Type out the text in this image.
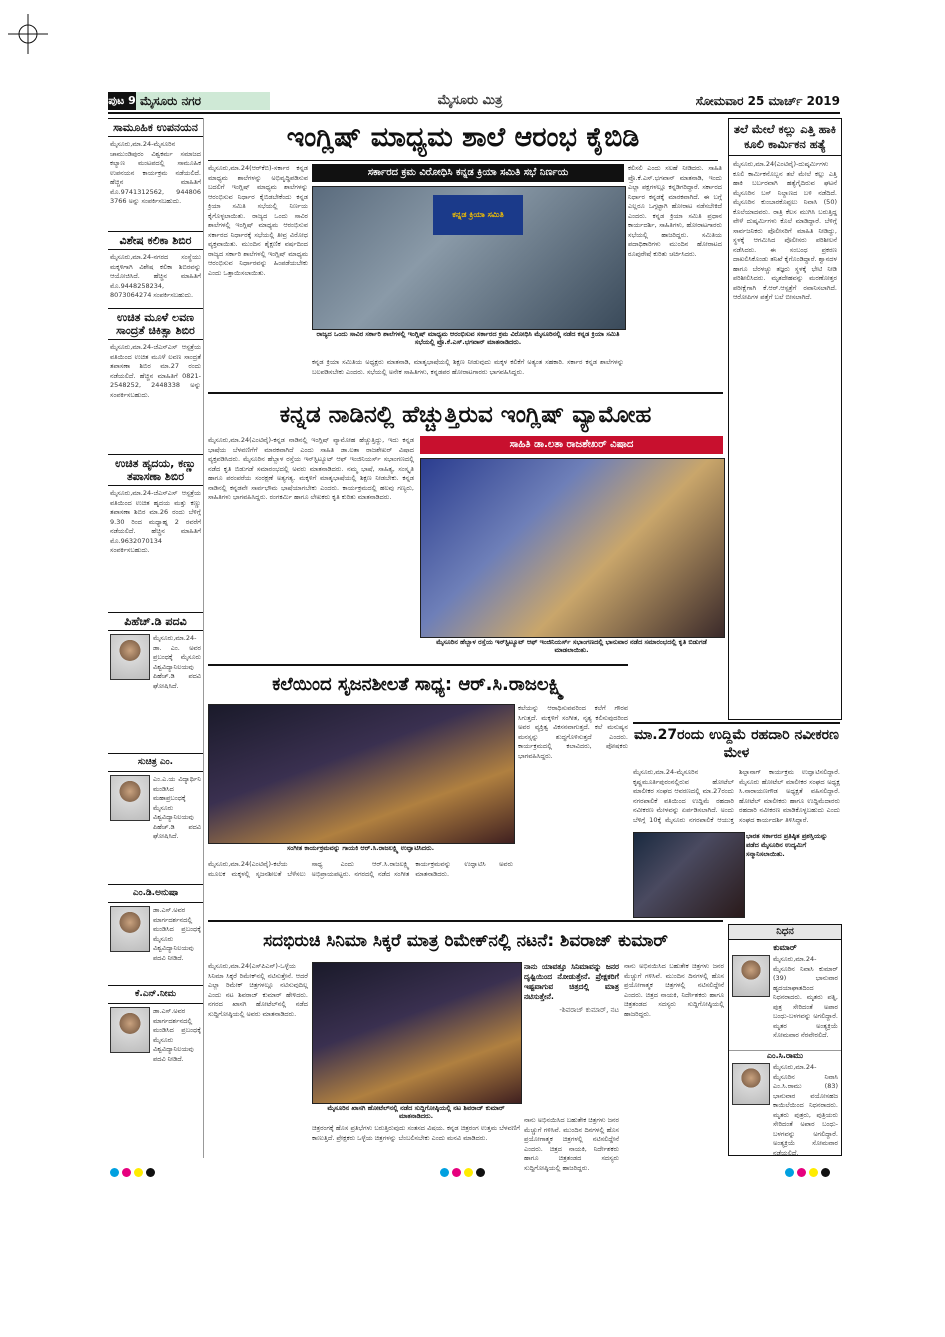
ಪುಟ 9 ಮೈಸೂರು ನಗರ	ಮೈಸೂರು ಮಿತ್ರ	ಸೋಮವಾರ 25 ಮಾರ್ಚ್ 2019
ಸಾಮೂಹಿಕ ಉಪನಯನ
ಮೈಸೂರು,ಮಾ.24-ಮೈಸೂರಿನ ಚಾಮುಂಡಿಪುರಂ ವಿಶ್ವಕರ್ಮ ಸಮಾಜದ ಕಲ್ಯಾಣ ಮಂಟಪದಲ್ಲಿ ಸಾಮೂಹಿಕ ಉಪನಯನ ಕಾರ್ಯಕ್ರಮ ನಡೆಯಲಿದೆ. ಹೆಚ್ಚಿನ ಮಾಹಿತಿಗೆ ಮೊ.9741312562, 944806 3766 ಅನ್ನು ಸಂಪರ್ಕಿಸಬಹುದು.
ವಿಶೇಷ ಕಲಿಕಾ ಶಿಬಿರ
ಮೈಸೂರು,ಮಾ.24-ನಗರದ ಸಂಸ್ಥೆಯು ಮಕ್ಕಳಿಗಾಗಿ ವಿಶೇಷ ಕಲಿಕಾ ಶಿಬಿರವನ್ನು ಆಯೋಜಿಸಿದೆ. ಹೆಚ್ಚಿನ ಮಾಹಿತಿಗೆ ಮೊ.9448258234, 8073064274 ಸಂಪರ್ಕಿಸಬಹುದು.
ಉಚಿತ ಮೂಳೆ ಲವಣ ಸಾಂದ್ರತೆ ಚಿಕಿತ್ಸಾ ಶಿಬಿರ
ಮೈಸೂರು,ಮಾ.24-ಜೆಎಸ್‌ಎಸ್ ಆಸ್ಪತ್ರೆಯ ವತಿಯಿಂದ ಉಚಿತ ಮೂಳೆ ಲವಣ ಸಾಂದ್ರತೆ ತಪಾಸಣಾ ಶಿಬಿರ ಮಾ.27 ರಂದು ನಡೆಯಲಿದೆ. ಹೆಚ್ಚಿನ ಮಾಹಿತಿಗೆ 0821-2548252, 2448338 ಅನ್ನು ಸಂಪರ್ಕಿಸಬಹುದು.
ಉಚಿತ ಹೃದಯ, ಕಣ್ಣು ತಪಾಸಣಾ ಶಿಬಿರ
ಮೈಸೂರು,ಮಾ.24-ಜೆಎಸ್‌ಎಸ್ ಆಸ್ಪತ್ರೆಯ ವತಿಯಿಂದ ಉಚಿತ ಹೃದಯ ಮತ್ತು ಕಣ್ಣು ತಪಾಸಣಾ ಶಿಬಿರ ಮಾ.26 ರಂದು ಬೆಳಿಗ್ಗೆ 9.30 ರಿಂದ ಮಧ್ಯಾಹ್ನ 2 ರವರೆಗೆ ನಡೆಯಲಿದೆ. ಹೆಚ್ಚಿನ ಮಾಹಿತಿಗೆ ಮೊ.9632070134 ಸಂಪರ್ಕಿಸಬಹುದು.
ಪಿಹೆಚ್.ಡಿ ಪದವಿ
ಮೈಸೂರು,ಮಾ.24-ಡಾ. ಎಂ. ಅವರ ಪ್ರಬಂಧಕ್ಕೆ ಮೈಸೂರು ವಿಶ್ವವಿದ್ಯಾನಿಲಯವು ಪಿಹೆಚ್.ಡಿ ಪದವಿ ಘೋಷಿಸಿದೆ.
ಸುಚಿತ್ರ ಎಂ.
ಎಂ.ಎ.ಯ ವಿದ್ಯಾರ್ಥಿನಿ ಮಂಡಿಸಿದ ಮಹಾಪ್ರಬಂಧಕ್ಕೆ ಮೈಸೂರು ವಿಶ್ವವಿದ್ಯಾನಿಲಯವು ಪಿಹೆಚ್.ಡಿ ಪದವಿ ಘೋಷಿಸಿದೆ.
ಎಂ.ಡಿ.ಅನುಷಾ
ಡಾ.ಎಸ್.ಅವರ ಮಾರ್ಗದರ್ಶನದಲ್ಲಿ ಮಂಡಿಸಿದ ಪ್ರಬಂಧಕ್ಕೆ ಮೈಸೂರು ವಿಶ್ವವಿದ್ಯಾನಿಲಯವು ಪದವಿ ನೀಡಿದೆ.
ಕೆ.ಎನ್.ನೀಮ
ಡಾ.ಎಸ್.ಅವರ ಮಾರ್ಗದರ್ಶನದಲ್ಲಿ ಮಂಡಿಸಿದ ಪ್ರಬಂಧಕ್ಕೆ ಮೈಸೂರು ವಿಶ್ವವಿದ್ಯಾನಿಲಯವು ಪದವಿ ನೀಡಿದೆ.
ಇಂಗ್ಲಿಷ್ ಮಾಧ್ಯಮ ಶಾಲೆ ಆರಂಭ ಕೈಬಿಡಿ
ಮೈಸೂರು,ಮಾ.24(ಆರ್‌ಕೆಬಿ)-ಸರ್ಕಾರ ಕನ್ನಡ ಮಾಧ್ಯಮ ಶಾಲೆಗಳನ್ನು ಅಭಿವೃದ್ಧಿಪಡಿಸುವ ಬದಲಿಗೆ ಇಂಗ್ಲಿಷ್ ಮಾಧ್ಯಮ ಶಾಲೆಗಳನ್ನು ಆರಂಭಿಸುವ ನಿರ್ಧಾರ ಕೈಬಿಡಬೇಕೆಂದು ಕನ್ನಡ ಕ್ರಿಯಾ ಸಮಿತಿ ಸಭೆಯಲ್ಲಿ ನಿರ್ಣಯ ಕೈಗೊಳ್ಳಲಾಯಿತು. ರಾಜ್ಯದ ಒಂದು ಸಾವಿರ ಶಾಲೆಗಳಲ್ಲಿ ಇಂಗ್ಲಿಷ್ ಮಾಧ್ಯಮ ಆರಂಭಿಸುವ ಸರ್ಕಾರದ ನಿರ್ಧಾರಕ್ಕೆ ಸಭೆಯಲ್ಲಿ ತೀವ್ರ ವಿರೋಧ ವ್ಯಕ್ತವಾಯಿತು. ಮುಂದಿನ ಶೈಕ್ಷಣಿಕ ವರ್ಷದಿಂದ ರಾಜ್ಯದ ಸರ್ಕಾರಿ ಶಾಲೆಗಳಲ್ಲಿ ಇಂಗ್ಲಿಷ್ ಮಾಧ್ಯಮ ಆರಂಭಿಸುವ ನಿರ್ಧಾರವನ್ನು ಹಿಂಪಡೆಯಬೇಕು ಎಂದು ಒತ್ತಾಯಿಸಲಾಯಿತು.
ಸರ್ಕಾರದ ಕ್ರಮ ವಿರೋಧಿಸಿ ಕನ್ನಡ ಕ್ರಿಯಾ ಸಮಿತಿ ಸಭೆ ನಿರ್ಣಯ
ಕನ್ನಡ ಕ್ರಿಯಾ ಸಮಿತಿ
ರಾಜ್ಯದ ಒಂದು ಸಾವಿರ ಸರ್ಕಾರಿ ಶಾಲೆಗಳಲ್ಲಿ ಇಂಗ್ಲಿಷ್ ಮಾಧ್ಯಮ ಆರಂಭಿಸುವ ಸರ್ಕಾರದ ಕ್ರಮ ವಿರೋಧಿಸಿ ಮೈಸೂರಿನಲ್ಲಿ ನಡೆದ ಕನ್ನಡ ಕ್ರಿಯಾ ಸಮಿತಿ ಸಭೆಯಲ್ಲಿ ಪ್ರೊ.ಕೆ.ಎಸ್.ಭಗವಾನ್ ಮಾತನಾಡಿದರು.
ಕನ್ನಡ ಕ್ರಿಯಾ ಸಮಿತಿಯ ಅಧ್ಯಕ್ಷರು ಮಾತನಾಡಿ, ಮಾತೃಭಾಷೆಯಲ್ಲಿ ಶಿಕ್ಷಣ ನೀಡುವುದು ಮಕ್ಕಳ ಕಲಿಕೆಗೆ ಅತ್ಯಂತ ಸಹಕಾರಿ. ಸರ್ಕಾರ ಕನ್ನಡ ಶಾಲೆಗಳನ್ನು ಬಲಪಡಿಸಬೇಕು ಎಂದರು. ಸಭೆಯಲ್ಲಿ ಅನೇಕ ಸಾಹಿತಿಗಳು, ಕನ್ನಡಪರ ಹೋರಾಟಗಾರರು ಭಾಗವಹಿಸಿದ್ದರು.
ಕಲಿಸಲಿ ಎಂದು ಸಲಹೆ ನೀಡಿದರು. ಸಾಹಿತಿ ಪ್ರೊ.ಕೆ.ಎಸ್.ಭಗವಾನ್ ಮಾತನಾಡಿ, ಇಂದು ಎಲ್ಲಾ ಪಕ್ಷಗಳಲ್ಲೂ ಕನ್ನಡಿಗರಿದ್ದಾರೆ. ಸರ್ಕಾರದ ನಿರ್ಧಾರ ಕನ್ನಡಕ್ಕೆ ಮಾರಕವಾಗಿದೆ. ಈ ಬಗ್ಗೆ ಎಲ್ಲರೂ ಒಗ್ಗಟ್ಟಾಗಿ ಹೋರಾಟ ನಡೆಸಬೇಕಿದೆ ಎಂದರು. ಕನ್ನಡ ಕ್ರಿಯಾ ಸಮಿತಿ ಪ್ರಧಾನ ಕಾರ್ಯದರ್ಶಿ, ಸಾಹಿತಿಗಳು, ಹೋರಾಟಗಾರರು ಸಭೆಯಲ್ಲಿ ಹಾಜರಿದ್ದರು. ಸಮಿತಿಯ ಪದಾಧಿಕಾರಿಗಳು ಮುಂದಿನ ಹೋರಾಟದ ರೂಪುರೇಷೆ ಕುರಿತು ಚರ್ಚಿಸಿದರು.
ತಲೆ ಮೇಲೆ ಕಲ್ಲು ಎತ್ತಿ ಹಾಕಿ ಕೂಲಿ ಕಾರ್ಮಿಕನ ಹತ್ಯೆ
ಮೈಸೂರು,ಮಾ.24(ಎಂಟಿವೈ)-ದುಷ್ಕರ್ಮಿಗಳು ಕೂಲಿ ಕಾರ್ಮಿಕನೊಬ್ಬನ ತಲೆ ಮೇಲೆ ಕಲ್ಲು ಎತ್ತಿ ಹಾಕಿ ಬರ್ಬರವಾಗಿ ಹತ್ಯೆಗೈದಿರುವ ಘಟನೆ ಮೈಸೂರಿನ ಬಸ್ ನಿಲ್ದಾಣದ ಬಳಿ ನಡೆದಿದೆ. ಮೈಸೂರಿನ ಕುಂಬಾರಕೊಪ್ಪಲು ನಿವಾಸಿ (50) ಕೊಲೆಯಾದವರು. ರಾತ್ರಿ ಕೆಲಸ ಮುಗಿಸಿ ಬರುತ್ತಿದ್ದ ವೇಳೆ ದುಷ್ಕರ್ಮಿಗಳು ಕೊಲೆ ಮಾಡಿದ್ದಾರೆ. ಬೆಳಿಗ್ಗೆ ಸಾರ್ವಜನಿಕರು ಪೊಲೀಸರಿಗೆ ಮಾಹಿತಿ ನೀಡಿದ್ದು, ಸ್ಥಳಕ್ಕೆ ಆಗಮಿಸಿದ ಪೊಲೀಸರು ಪರಿಶೀಲನೆ ನಡೆಸಿದರು. ಈ ಸಂಬಂಧ ಪ್ರಕರಣ ದಾಖಲಿಸಿಕೊಂಡು ತನಿಖೆ ಕೈಗೊಂಡಿದ್ದಾರೆ. ಶ್ವಾನದಳ ಹಾಗೂ ಬೆರಳಚ್ಚು ತಜ್ಞರು ಸ್ಥಳಕ್ಕೆ ಭೇಟಿ ನೀಡಿ ಪರಿಶೀಲಿಸಿದರು. ಮೃತದೇಹವನ್ನು ಮರಣೋತ್ತರ ಪರೀಕ್ಷೆಗಾಗಿ ಕೆ.ಆರ್.ಆಸ್ಪತ್ರೆಗೆ ರವಾನಿಸಲಾಗಿದೆ. ಆರೋಪಿಗಳ ಪತ್ತೆಗೆ ಬಲೆ ಬೀಸಲಾಗಿದೆ.
ಕನ್ನಡ ನಾಡಿನಲ್ಲಿ ಹೆಚ್ಚುತ್ತಿರುವ ಇಂಗ್ಲಿಷ್ ವ್ಯಾಮೋಹ
ಸಾಹಿತಿ ಡಾ.ಲತಾ ರಾಜಶೇಖರ್ ವಿಷಾದ
ಮೈಸೂರು,ಮಾ.24(ಎಂಟಿವೈ)-ಕನ್ನಡ ನಾಡಿನಲ್ಲಿ ಇಂಗ್ಲಿಷ್ ವ್ಯಾಮೋಹ ಹೆಚ್ಚುತ್ತಿದ್ದು, ಇದು ಕನ್ನಡ ಭಾಷೆಯ ಬೆಳವಣಿಗೆಗೆ ಮಾರಕವಾಗಿದೆ ಎಂದು ಸಾಹಿತಿ ಡಾ.ಲತಾ ರಾಜಶೇಖರ್ ವಿಷಾದ ವ್ಯಕ್ತಪಡಿಸಿದರು. ಮೈಸೂರಿನ ಹೆಬ್ಬಾಳ ರಸ್ತೆಯ ಇನ್‌ಸ್ಟಿಟ್ಯೂಟ್ ಆಫ್ ಇಂಜಿನಿಯರ್ಸ್ ಸಭಾಂಗಣದಲ್ಲಿ ನಡೆದ ಕೃತಿ ಬಿಡುಗಡೆ ಸಮಾರಂಭದಲ್ಲಿ ಅವರು ಮಾತನಾಡಿದರು. ನಮ್ಮ ಭಾಷೆ, ಸಾಹಿತ್ಯ, ಸಂಸ್ಕೃತಿ ಹಾಗೂ ಪರಂಪರೆಯ ಸಂರಕ್ಷಣೆ ಅತ್ಯಗತ್ಯ. ಮಕ್ಕಳಿಗೆ ಮಾತೃಭಾಷೆಯಲ್ಲಿ ಶಿಕ್ಷಣ ನೀಡಬೇಕು. ಕನ್ನಡ ನಾಡಿನಲ್ಲಿ ಕನ್ನಡವೇ ಸಾರ್ವಭೌಮ ಭಾಷೆಯಾಗಬೇಕು ಎಂದರು. ಕಾರ್ಯಕ್ರಮದಲ್ಲಿ ಹಲವು ಗಣ್ಯರು, ಸಾಹಿತಿಗಳು ಭಾಗವಹಿಸಿದ್ದರು. ರಂಗಕರ್ಮಿ ಹಾಗೂ ಲೇಖಕರು ಕೃತಿ ಕುರಿತು ಮಾತನಾಡಿದರು.
ಮೈಸೂರಿನ ಹೆಬ್ಬಾಳ ರಸ್ತೆಯ ಇನ್‌ಸ್ಟಿಟ್ಯೂಟ್ ಆಫ್ ಇಂಜಿನಿಯರ್ಸ್ ಸಭಾಂಗಣದಲ್ಲಿ ಭಾನುವಾರ ನಡೆದ ಸಮಾರಂಭದಲ್ಲಿ ಕೃತಿ ಬಿಡುಗಡೆ ಮಾಡಲಾಯಿತು.
ಕಲೆಯಿಂದ ಸೃಜನಶೀಲತೆ ಸಾಧ್ಯ: ಆರ್.ಸಿ.ರಾಜಲಕ್ಷ್ಮಿ
ಸಂಗೀತ ಕಾರ್ಯಕ್ರಮವನ್ನು ಗಾಯಕಿ ಆರ್.ಸಿ.ರಾಜಲಕ್ಷ್ಮಿ ಉದ್ಘಾಟಿಸಿದರು.
ಕಲೆಯನ್ನು ಆರಾಧಿಸುವವರಿಂದ ಕಲೆಗೆ ಗೌರವ ಸಿಗುತ್ತದೆ. ಮಕ್ಕಳಿಗೆ ಸಂಗೀತ, ನೃತ್ಯ ಕಲಿಸುವುದರಿಂದ ಅವರ ವ್ಯಕ್ತಿತ್ವ ವಿಕಸನವಾಗುತ್ತದೆ. ಕಲೆ ಮನುಷ್ಯನ ಮನಸ್ಸನ್ನು ಶುದ್ಧಗೊಳಿಸುತ್ತದೆ ಎಂದರು. ಕಾರ್ಯಕ್ರಮದಲ್ಲಿ ಕಲಾವಿದರು, ಪೋಷಕರು ಭಾಗವಹಿಸಿದ್ದರು.
ಮೈಸೂರು,ಮಾ.24(ಎಂಟಿವೈ)-ಕಲೆಯ ಮೂಲಕ ಮಕ್ಕಳಲ್ಲಿ ಸೃಜನಶೀಲತೆ ಬೆಳೆಸಲು ಸಾಧ್ಯ ಎಂದು ಆರ್.ಸಿ.ರಾಜಲಕ್ಷ್ಮಿ ಅಭಿಪ್ರಾಯಪಟ್ಟರು. ನಗರದಲ್ಲಿ ನಡೆದ ಸಂಗೀತ ಕಾರ್ಯಕ್ರಮವನ್ನು ಉದ್ಘಾಟಿಸಿ ಅವರು ಮಾತನಾಡಿದರು.
ಮಾ.27ರಂದು ಉದ್ದಿಮೆ ರಹದಾರಿ ನವೀಕರಣ ಮೇಳ
ಮೈಸೂರು,ಮಾ.24-ಮೈಸೂರಿನ ಕೃಷ್ಣಮೂರ್ತಿಪುರಂನಲ್ಲಿರುವ ಹೋಟೆಲ್ ಮಾಲೀಕರ ಸಂಘದ ಆವರಣದಲ್ಲಿ ಮಾ.27ರಂದು ನಗರಪಾಲಿಕೆ ವತಿಯಿಂದ ಉದ್ದಿಮೆ ರಹದಾರಿ ನವೀಕರಣ ಮೇಳವನ್ನು ಏರ್ಪಡಿಸಲಾಗಿದೆ. ಅಂದು ಬೆಳಿಗ್ಗೆ 10ಕ್ಕೆ ಮೈಸೂರು ನಗರಪಾಲಿಕೆ ಆಯುಕ್ತ ಶಿಲ್ಪಾನಾಗ್ ಕಾರ್ಯಕ್ರಮ ಉದ್ಘಾಟಿಸಲಿದ್ದಾರೆ. ಮೈಸೂರು ಹೋಟೆಲ್ ಮಾಲೀಕರ ಸಂಘದ ಅಧ್ಯಕ್ಷ ಸಿ.ನಾರಾಯಣಗೌಡ ಅಧ್ಯಕ್ಷತೆ ವಹಿಸಲಿದ್ದಾರೆ. ಹೋಟೆಲ್ ಮಾಲೀಕರು ಹಾಗೂ ಉದ್ದಿಮೆದಾರರು ರಹದಾರಿ ನವೀಕರಣ ಮಾಡಿಕೊಳ್ಳಬಹುದು ಎಂದು ಸಂಘದ ಕಾರ್ಯದರ್ಶಿ ತಿಳಿಸಿದ್ದಾರೆ.
ಭಾರತ ಸರ್ಕಾರದ ಪ್ರತಿಷ್ಠಿತ ಪ್ರಶಸ್ತಿಯನ್ನು ಪಡೆದ ಮೈಸೂರಿನ ಉದ್ಯಮಿಗೆ ಸನ್ಮಾನಿಸಲಾಯಿತು.
ಸದಭಿರುಚಿ ಸಿನಿಮಾ ಸಿಕ್ಕರೆ ಮಾತ್ರ ರಿಮೇಕ್‌ನಲ್ಲಿ ನಟನೆ: ಶಿವರಾಜ್ ಕುಮಾರ್
ಮೈಸೂರು,ಮಾ.24(ಎಸ್‌ಪಿಎನ್)-ಒಳ್ಳೆಯ ಸಿನಿಮಾ ಸಿಕ್ಕರೆ ರಿಮೇಕ್‌ನಲ್ಲಿ ನಟಿಸುತ್ತೇನೆ. ಆದರೆ ಎಲ್ಲಾ ರಿಮೇಕ್ ಚಿತ್ರಗಳಲ್ಲೂ ನಟಿಸುವುದಿಲ್ಲ ಎಂದು ನಟ ಶಿವರಾಜ್ ಕುಮಾರ್ ಹೇಳಿದರು. ನಗರದ ಖಾಸಗಿ ಹೋಟೆಲ್‌ನಲ್ಲಿ ನಡೆದ ಸುದ್ದಿಗೋಷ್ಠಿಯಲ್ಲಿ ಅವರು ಮಾತನಾಡಿದರು.
ಮೈಸೂರಿನ ಖಾಸಗಿ ಹೋಟೆಲ್‌ನಲ್ಲಿ ನಡೆದ ಸುದ್ದಿಗೋಷ್ಠಿಯಲ್ಲಿ ನಟ ಶಿವರಾಜ್ ಕುಮಾರ್ ಮಾತನಾಡಿದರು.
ಚಿತ್ರರಂಗಕ್ಕೆ ಹೊಸ ಪ್ರತಿಭೆಗಳು ಬರುತ್ತಿರುವುದು ಸಂತಸದ ವಿಷಯ. ಕನ್ನಡ ಚಿತ್ರರಂಗ ಉತ್ತಮ ಬೆಳವಣಿಗೆ ಕಾಣುತ್ತಿದೆ. ಪ್ರೇಕ್ಷಕರು ಒಳ್ಳೆಯ ಚಿತ್ರಗಳನ್ನು ಬೆಂಬಲಿಸಬೇಕು ಎಂದು ಮನವಿ ಮಾಡಿದರು.
ನಾನು ಯಾವತ್ತೂ ಸಿನಿಮಾವನ್ನು ಜನರ ದೃಷ್ಟಿಯಿಂದ ನೋಡುತ್ತೇನೆ. ಪ್ರೇಕ್ಷಕರಿಗೆ ಇಷ್ಟವಾಗುವ ಚಿತ್ರದಲ್ಲಿ ಮಾತ್ರ ನಟಿಸುತ್ತೇನೆ.
-ಶಿವರಾಜ್ ಕುಮಾರ್, ನಟ
ನಾನು ಅಭಿನಯಿಸಿದ ಬಹುತೇಕ ಚಿತ್ರಗಳು ಜನರ ಮೆಚ್ಚುಗೆ ಗಳಿಸಿವೆ. ಮುಂದಿನ ದಿನಗಳಲ್ಲಿ ಹೊಸ ಪ್ರಯೋಗಾತ್ಮಕ ಚಿತ್ರಗಳಲ್ಲಿ ನಟಿಸಲಿದ್ದೇನೆ ಎಂದರು. ಚಿತ್ರದ ನಾಯಕಿ, ನಿರ್ದೇಶಕರು ಹಾಗೂ ಚಿತ್ರತಂಡದ ಸದಸ್ಯರು ಸುದ್ದಿಗೋಷ್ಠಿಯಲ್ಲಿ ಹಾಜರಿದ್ದರು.
ನಾನು ಅಭಿನಯಿಸಿದ ಬಹುತೇಕ ಚಿತ್ರಗಳು ಜನರ ಮೆಚ್ಚುಗೆ ಗಳಿಸಿವೆ. ಮುಂದಿನ ದಿನಗಳಲ್ಲಿ ಹೊಸ ಪ್ರಯೋಗಾತ್ಮಕ ಚಿತ್ರಗಳಲ್ಲಿ ನಟಿಸಲಿದ್ದೇನೆ ಎಂದರು. ಚಿತ್ರದ ನಾಯಕಿ, ನಿರ್ದೇಶಕರು ಹಾಗೂ ಚಿತ್ರತಂಡದ ಸದಸ್ಯರು ಸುದ್ದಿಗೋಷ್ಠಿಯಲ್ಲಿ ಹಾಜರಿದ್ದರು.
ನಿಧನ
ಕುಮಾರ್
ಮೈಸೂರು,ಮಾ.24-ಮೈಸೂರಿನ ನಿವಾಸಿ ಕುಮಾರ್ (39) ಭಾನುವಾರ ಹೃದಯಾಘಾತದಿಂದ ನಿಧನರಾದರು. ಮೃತರು ಪತ್ನಿ, ಪುತ್ರ ಸೇರಿದಂತೆ ಅಪಾರ ಬಂಧು-ಬಳಗವನ್ನು ಅಗಲಿದ್ದಾರೆ. ಮೃತರ ಅಂತ್ಯಕ್ರಿಯೆ ಸೋಮವಾರ ನೆರವೇರಲಿದೆ.
ಎಂ.ಸಿ.ರಾಮು
ಮೈಸೂರು,ಮಾ.24-ಮೈಸೂರಿನ ನಿವಾಸಿ ಎಂ.ಸಿ.ರಾಮು (83) ಭಾನುವಾರ ವಯೋಸಹಜ ಕಾಯಿಲೆಯಿಂದ ನಿಧನರಾದರು. ಮೃತರು ಪುತ್ರರು, ಪುತ್ರಿಯರು ಸೇರಿದಂತೆ ಅಪಾರ ಬಂಧು-ಬಳಗವನ್ನು ಅಗಲಿದ್ದಾರೆ. ಅಂತ್ಯಕ್ರಿಯೆ ಸೋಮವಾರ ನಡೆಯಲಿದೆ.
